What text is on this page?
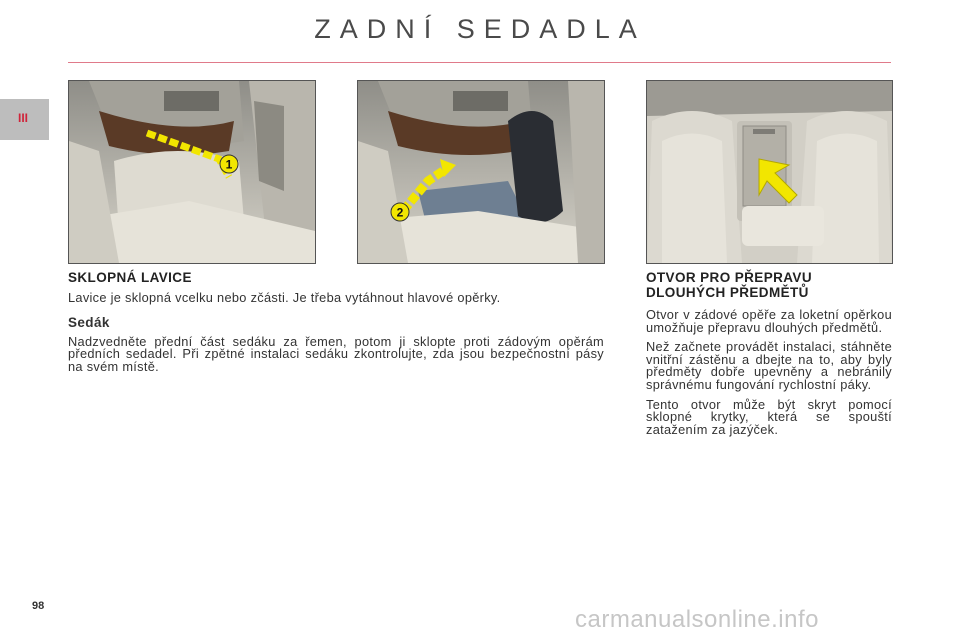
ZADNÍ SEDADLA
III
1
2
SKLOPNÁ LAVICE

Lavice je sklopná vcelku nebo zčásti. Je třeba vytáhnout hlavové opěrky.

Sedák

Nadzvedněte přední část sedáku za řemen, potom ji sklopte proti zádovým opěrám předních sedadel. Při zpětné instalaci sedáku zkontrolujte, zda jsou bezpečnostní pásy na svém místě.

OTVOR PRO PŘEPRAVU
DLOUHÝCH PŘEDMĚTŮ

Otvor v zádové opěře za loketní opěrkou umožňuje přepravu dlouhých předmětů.

Než začnete provádět instalaci, stáhněte vnitřní zástěnu a dbejte na to, aby byly předměty dobře upevněny a nebránily správnému fungování rychlostní páky.

Tento otvor může být skryt pomocí sklopné krytky, která se spouští zatažením za jazýček.

98	carmanualsonline.info
